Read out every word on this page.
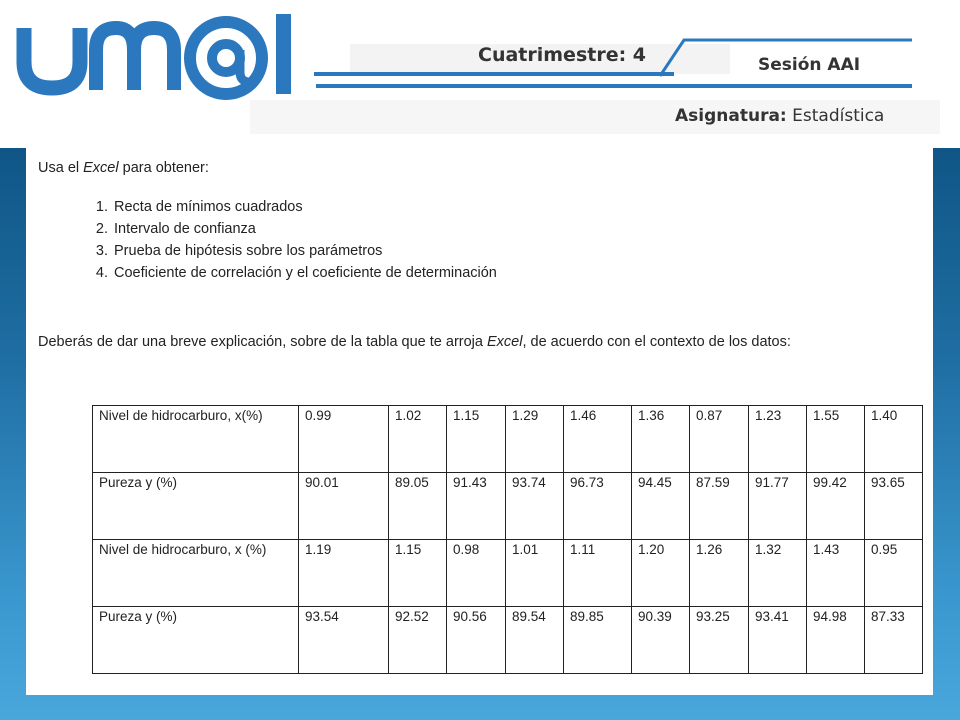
Cuatrimestre: 4	Sesión AAI
Asignatura: Estadística
Usa el Excel para obtener:
1. Recta de mínimos cuadrados
2. Intervalo de confianza
3. Prueba de hipótesis sobre los parámetros
4. Coeficiente de correlación y el coeficiente de determinación
Deberás de dar una breve explicación, sobre de la tabla que te arroja Excel, de acuerdo con el contexto de los datos:
Nivel de hidrocarburo, x(%)	0.99	1.02	1.15	1.29	1.46	1.36	0.87	1.23	1.55	1.40
Pureza y (%)	90.01	89.05	91.43	93.74	96.73	94.45	87.59	91.77	99.42	93.65
Nivel de hidrocarburo, x (%)	1.19	1.15	0.98	1.01	1.11	1.20	1.26	1.32	1.43	0.95
Pureza y (%)	93.54	92.52	90.56	89.54	89.85	90.39	93.25	93.41	94.98	87.33
